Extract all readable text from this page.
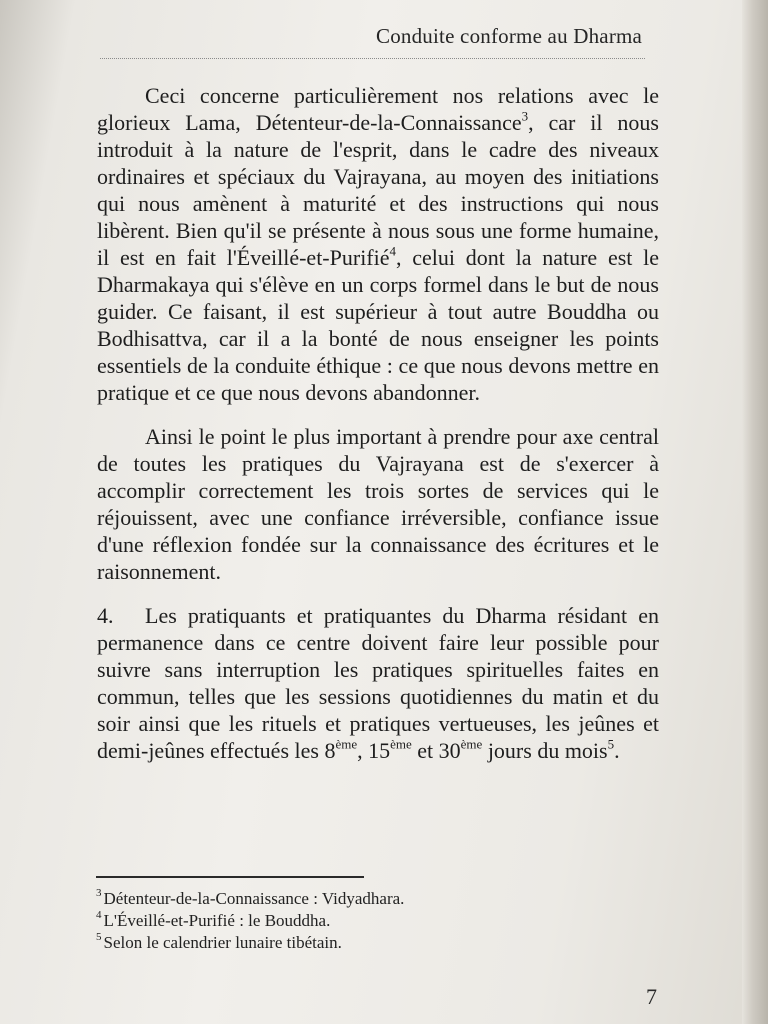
Conduite conforme au Dharma

Ceci concerne particulièrement nos relations avec le glorieux Lama, Détenteur-de-la-Connaissance$^3$, car il nous introduit à la nature de l'esprit, dans le cadre des niveaux ordinaires et spéciaux du Vajrayana, au moyen des initiations qui nous amènent à maturité et des instructions qui nous libèrent. Bien qu'il se présente à nous sous une forme humaine, il est en fait l'Éveillé-et-Purifié$^4$, celui dont la nature est le Dharmakaya qui s'élève en un corps formel dans le but de nous guider. Ce faisant, il est supérieur à tout autre Bouddha ou Bodhisattva, car il a la bonté de nous enseigner les points essentiels de la conduite éthique : ce que nous devons mettre en pratique et ce que nous devons abandonner.

Ainsi le point le plus important à prendre pour axe central de toutes les pratiques du Vajrayana est de s'exercer à accomplir correctement les trois sortes de services qui le réjouissent, avec une confiance irréversible, confiance issue d'une réflexion fondée sur la connaissance des écritures et le raisonnement.

4. Les pratiquants et pratiquantes du Dharma résidant en permanence dans ce centre doivent faire leur possible pour suivre sans interruption les pratiques spirituelles faites en commun, telles que les sessions quotidiennes du matin et du soir ainsi que les rituels et pratiques vertueuses, les jeûnes et demi-jeûnes effectués les 8ème, 15ème et 30ème jours du mois$^5$.

$^3$ Détenteur-de-la-Connaissance : Vidyadhara.

$^4$ L'Éveillé-et-Purifié : le Bouddha.

$^5$ Selon le calendrier lunaire tibétain.

7
